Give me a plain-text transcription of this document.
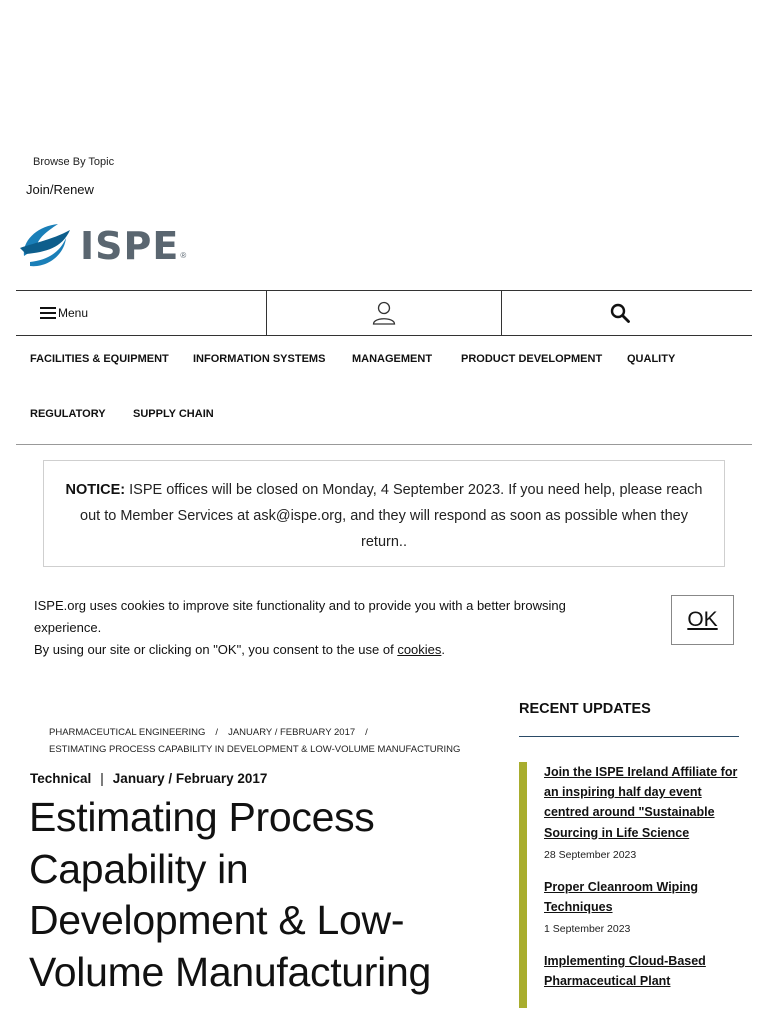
Browse By Topic
Join/Renew
ISPE ®
Menu
FACILITIES & EQUIPMENT INFORMATION SYSTEMS MANAGEMENT	PRODUCT DEVELOPMENT QUALITY
REGULATORY SUPPLY CHAIN
NOTICE: ISPE offices will be closed on Monday, 4 September 2023. If you need help, please reach out to Member Services at ask@ispe.org, and they will respond as soon as possible when they return..
ISPE.org uses cookies to improve site functionality and to provide you with a better browsing experience.
By using our site or clicking on "OK", you consent to the use of cookies.
OK
PHARMACEUTICAL ENGINEERING / JANUARY / FEBRUARY 2017 /
ESTIMATING PROCESS CAPABILITY IN DEVELOPMENT & LOW-VOLUME MANUFACTURING
Technical | January / February 2017
Estimating Process Capability in Development & Low-Volume Manufacturing
RECENT UPDATES
Join the ISPE Ireland Affiliate for an inspiring half day event centred around "Sustainable Sourcing in Life Science
28 September 2023
Proper Cleanroom Wiping Techniques
1 September 2023
Implementing Cloud-Based Pharmaceutical Plant
